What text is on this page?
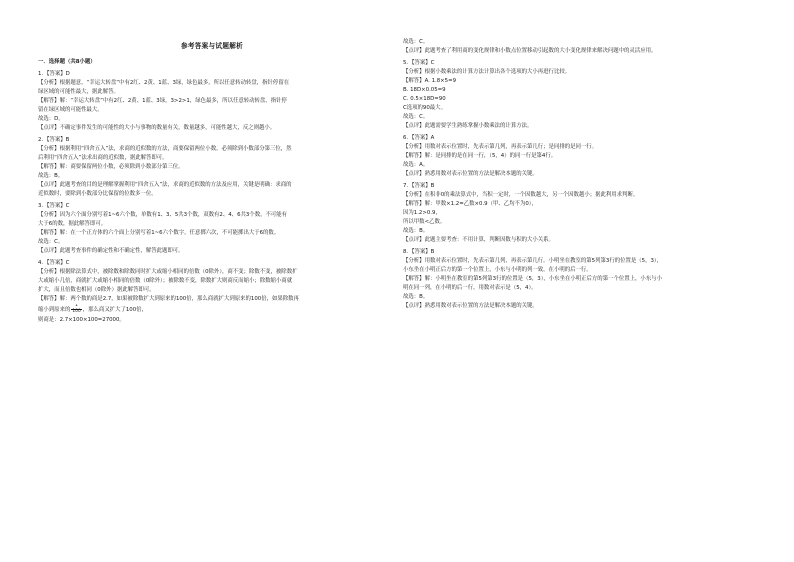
参考答案与试题解析
一．选择题（共8小题）
1．【答案】D
【分析】根据题意，“幸运大转盘”中有2红、2黄、1蓝、3绿，绿色最多，所以任意转动转盘，指针停留在
绿区域的可能性最大，据此解答。
【解答】解：“幸运大转盘”中有2红、2黄、1蓝、3绿，3>2>1，绿色最多，所以任意转动转盘，指针停
留在绿区域的可能性最大。
故选：D。
【点评】不确定事件发生的可能性的大小与事物的数量有关，数量越多，可能性越大，反之则越小。
2．【答案】B
【分析】根据利用“四舍五入”法，求商的近似数的方法，商要保留两位小数，必须除到小数部分第三位，然
后利用“四舍五入”法求出商的近似数，据此解答即可。
【解答】解：商要保留两位小数，必须除到小数部分第三位。
故选：B。
【点评】此题考查的目的是理解掌握利用“四舍五入”法，求商的近似数的方法及应用，关键是明确：求商的
近似数时，要除到小数部分比保留的位数多一位。
3．【答案】C
【分析】因为六个面分别写着1~6六个数，单数有1、3、5共3个数，双数有2、4、6共3个数，不可能有
大于6的数，据此解答即可。
【解答】解：在一个正方体的六个面上分别写着1~6六个数字，任意掷六次，不可能掷出大于6的数。
故选：C。
【点评】此题考查事件的确定性和不确定性，解答此题即可。
4．【答案】C
【分析】根据除法算式中，被除数和除数同时扩大或缩小相同的倍数（0除外），商不变；除数不变，被除数扩
大或缩小几倍，商就扩大或缩小相同的倍数（0除外）；被除数不变，除数扩大则商反而缩小；除数缩小商就
扩大，而且倍数也相同（0除外）据此解答即可。
【解答】解：两个数的商是2.7，如果被除数扩大到原来的100倍，那么商就扩大到原来的100倍，如果除数再
缩小到原来的 $\frac{1}{100}$ ，那么商又扩大了100倍，
则商是：2.7×100×100=27000。
故选：C。
【点评】此题考查了利用商的变化规律和小数点位置移动引起数的大小变化规律来解决问题中的灵活应用。
5．【答案】C
【分析】根据小数乘法的计算方法计算出各个选项的大小再进行比较。
【解答】A. 1.8×5=9
B. 18D×0.05=9
C. 0.5×18D=90
C选项的90最大。
故选：C。
【点评】此题需要学生熟练掌握小数乘法的计算方法。
6．【答案】A
【分析】用数对表示位置时，先表示第几列，再表示第几行；是同排的是同一行。
【解答】解：是同排的是在同一行，（5，4）的同一行是第4行。
故选：A。
【点评】熟悉用数对表示位置的方法是解决本题的关键。
7．【答案】B
【分析】在积非0的乘法算式中，当积一定时，一个因数越大，另一个因数越小；据此利用求判断。
【解答】解：甲数×1.2=乙数×0.9（甲、乙均不为0），
因为1.2>0.9，
所以甲数<乙数。
故选：B。
【点评】此题主要考查：不用计算，判断因数与积的大小关系。
8．【答案】B
【分析】用数对表示位置时，先表示第几列，再表示第几行。小明坐在教室的第5列第3行的位置是（5，3），
小东坐在小明正后方的第一个位置上，小东与小明的列一致，在小明的后一行。
【解答】解：小明坐在教室的第5列第3行的位置是（5，3），小东坐在小明正后方的第一个位置上，小东与小
明在同一列，在小明的后一行，用数对表示是（5，4）。
故选：B。
【点评】熟悉用数对表示位置的方法是解决本题的关键。
